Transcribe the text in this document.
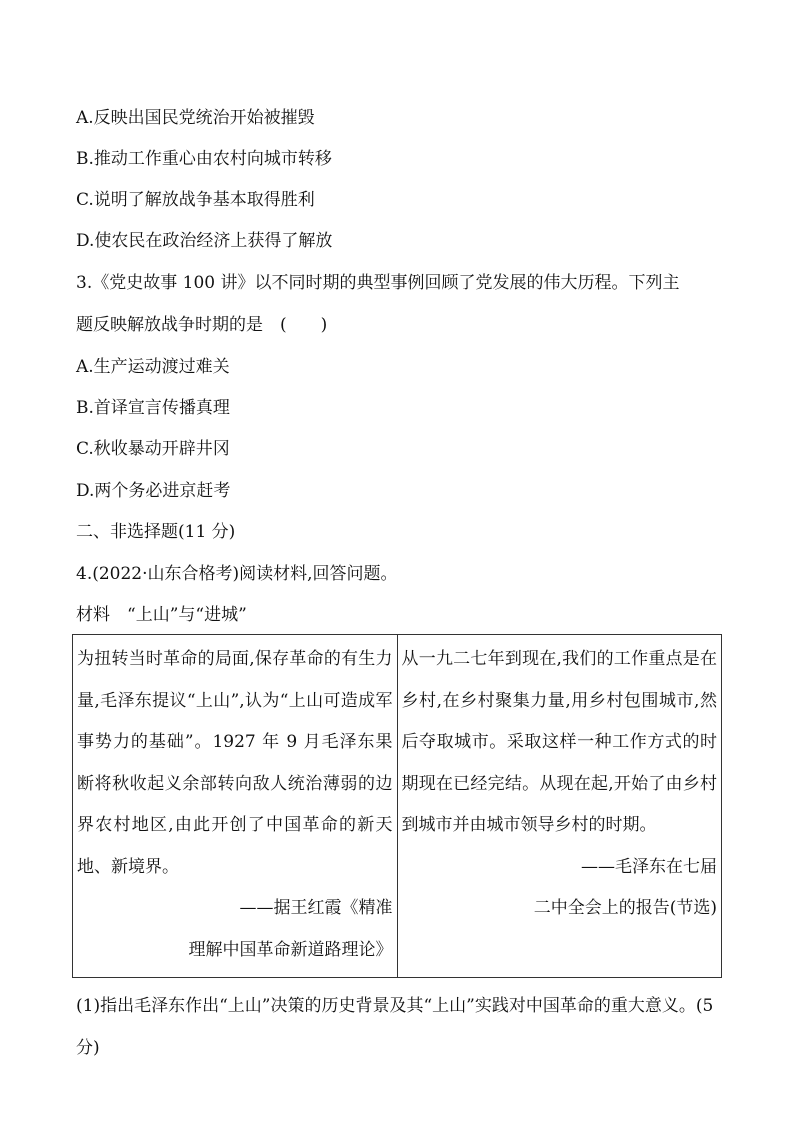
A.反映出国民党统治开始被摧毁
B.推动工作重心由农村向城市转移
C.说明了解放战争基本取得胜利
D.使农民在政治经济上获得了解放
3.《党史故事 100 讲》以不同时期的典型事例回顾了党发展的伟大历程。下列主
题反映解放战争时期的是　(　　)
A.生产运动渡过难关
B.首译宣言传播真理
C.秋收暴动开辟井冈
D.两个务必进京赶考
二、非选择题(11 分)
4.(2022·山东合格考)阅读材料,回答问题。
材料　“上山”与“进城”
为扭转当时革命的局面,保存革命的有生力量,毛泽东提议“上山”,认为“上山可造成军事势力的基础”。1927 年 9 月毛泽东果断将秋收起义余部转向敌人统治薄弱的边界农村地区,由此开创了中国革命的新天地、新境界。
——据王红霞《精准
理解中国革命新道路理论》

从一九二七年到现在,我们的工作重点是在乡村,在乡村聚集力量,用乡村包围城市,然后夺取城市。采取这样一种工作方式的时期现在已经完结。从现在起,开始了由乡村到城市并由城市领导乡村的时期。
——毛泽东在七届
二中全会上的报告(节选)
(1)指出毛泽东作出“上山”决策的历史背景及其“上山”实践对中国革命的重大意义。(5 分)
